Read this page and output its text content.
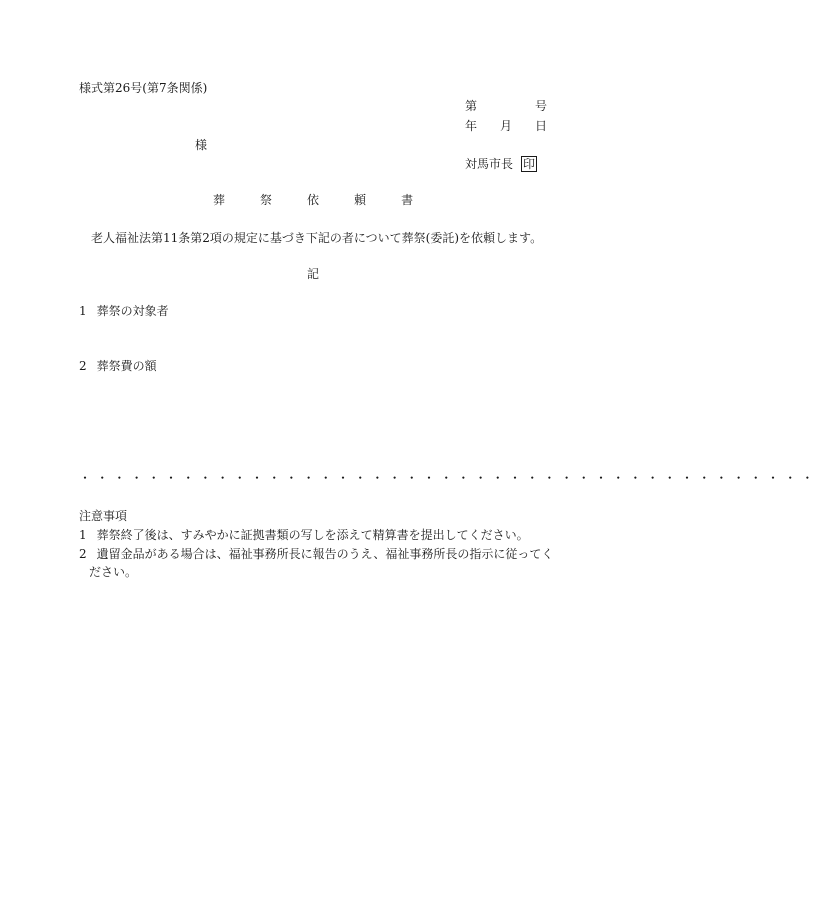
様式第26号(第7条関係)
第	号
年 月 日
様
対馬市長 印
葬	祭	依	頼	書
老人福祉法第11条第2項の規定に基づき下記の者について葬祭(委託)を依頼します。
記
1 葬祭の対象者
2 葬祭費の額
・・・・・・・・・・・・・・・・・・・・・・・・・・・・・・・・・・・・・・・・・・・
注意事項
1 葬祭終了後は、すみやかに証拠書類の写しを添えて精算書を提出してください。
2 遺留金品がある場合は、福祉事務所長に報告のうえ、福祉事務所長の指示に従ってく
ださい。
